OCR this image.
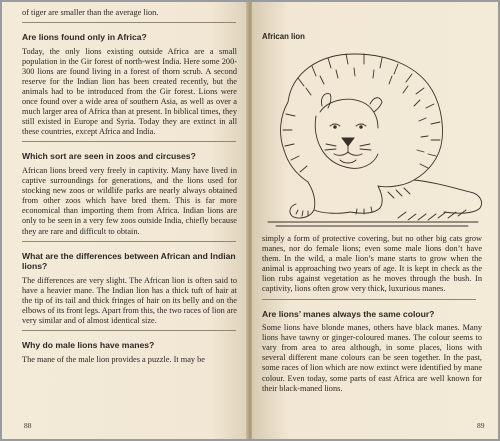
of tiger are smaller than the average lion.

Are lions found only in Africa?

Today, the only lions existing outside Africa are a small population in the Gir forest of north-west India. Here some 200-300 lions are found living in a forest of thorn scrub. A second reserve for the Indian lion has been created recently, but the animals had to be introduced from the Gir forest. Lions were once found over a wide area of southern Asia, as well as over a much larger area of Africa than at present. In biblical times, they still existed in Europe and Syria. Today they are extinct in all these countries, except Africa and India.

Which sort are seen in zoos and circuses?

African lions breed very freely in captivity. Many have lived in captive surroundings for generations, and the lions used for stocking new zoos or wildlife parks are nearly always obtained from other zoos which have bred them. This is far more economical than importing them from Africa. Indian lions are only to be seen in a very few zoos outside India, chiefly because they are rare and difficult to obtain.

What are the differences between African and Indian lions?

The differences are very slight. The African lion is often said to have a heavier mane. The Indian lion has a thick tuft of hair at the tip of its tail and thick fringes of hair on its belly and on the elbows of its front legs. Apart from this, the two races of lion are very similar and of almost identical size.

Why do male lions have manes?

The mane of the male lion provides a puzzle. It may be

88
African lion

simply a form of protective covering, but no other big cats grow manes, nor do female lions; even some male lions don’t have them. In the wild, a male lion’s mane starts to grow when the animal is approaching two years of age. It is kept in check as the lion rubs against vegetation as he moves through the bush. In captivity, lions often grow very thick, luxurious manes.

Are lions’ manes always the same colour?

Some lions have blonde manes, others have black manes. Many lions have tawny or ginger-coloured manes. The colour seems to vary from area to area although, in some places, lions with several different mane colours can be seen together. In the past, some races of lion which are now extinct were identified by mane colour. Even today, some parts of east Africa are well known for their black-maned lions.

89
